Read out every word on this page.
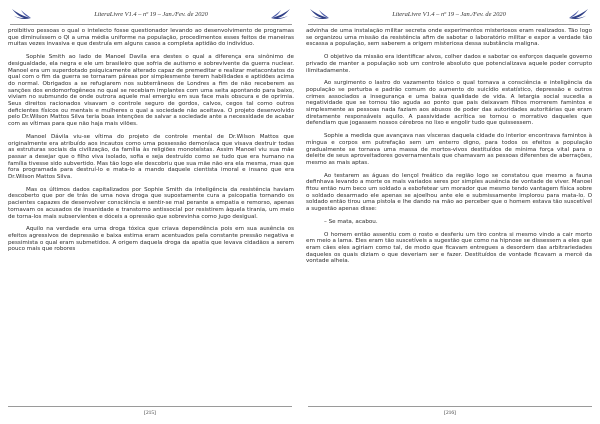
LiteraLivre V1.4 – nº 19 – Jan./Fev. de 2020

proibitivo pessoas o qual o intelecto fosse questionador levando ao desenvolvimento de programas que diminuíssem o QI a uma média uniforme na população, procedimentos esses feitos de maneiras muitas vezes invasiva e que destruía em alguns casos a completa aptidão do indivíduo.

Sophie Smith ao lado de Manoel Davila era destes o qual a diferença era sinônimo de desigualdade, ela negra e ele um brasileiro que sofria de autismo e sobrevivente da guerra nuclear. Manoel era um superdotado psiquicamente alterado capaz de premeditar e realizar metacontatos do qual com o fim da guerra se tornaram páreas por simplesmente terem habilidades e aptidões acima do normal. Obrigados a se refugiarem nos subterrâneos de Londres a fim de não receberem as sanções dos endomorfogêneos no qual se recebiam implantes com uma seita apontando para baixo, viviam no submundo de onde outrora aquele mal emergiu em sua face mais obscura e de oprimia. Seus direitos racionados visavam o controle seguro de gordos, calvos, cegos tal como outros deficientes físicos ou mentais e mulheres o qual a sociedade não aceitava. O projeto desenvolvido pelo Dr.Wilson Mattos Silva teria boas intenções de salvar a sociedade ante a necessidade de acabar com as vítimas para que não haja mais vilões.

Manoel Dávila viu-se vítima do projeto de controle mental de Dr.Wilson Mattos que originalmente era atribuído aos incautos como uma possessão demoníaca que visava destruir todas as estruturas sociais da civilização, da família às religiões monoteístas. Assim Manoel viu sua mãe passar a desejar que o filho viva isolado, sofia e seja destruído como se tudo que era humano na família tivesse sido subvertido. Mas tão logo ele descobriu que sua mãe não era ela mesma, mas que fora programada para destruí-lo e mata-lo a mando daquele cientista imoral e insano que era Dr.Wilson Mattos Silva.

Mas os últimos dados capitalizados por Sophie Smith da inteligência da resistência haviam descoberto que por de trás de uma nova droga que supostamente cura a psicopatia tornando os pacientes capazes de desenvolver consciência e sentir-se mal perante a empatia e remorso, apenas tornavam os acusados de insanidade e transtorno antissocial por resistirem àquela tirania, um meio de torna-los mais subservientes e dóceis a opressão que sobrevinha como jugo desigual.

Aquilo na verdade era uma droga tóxica que criava dependência pois em sua ausência os efeitos agressivos de depressão e baixa estima eram acentuados pela constante pressão negativa e pessimista o qual eram submetidos. A origem daquela droga da apatia que levava cidadãos a serem pouco mais que robores

[215]
LiteraLivre V1.4 – nº 19 – Jan./Fev. de 2020

advinha de uma instalação militar secreta onde experimentos misteriosos eram realizados. Tão logo se organizou uma missão da resistência afim de sabotar o laboratório militar e expor a verdade tão escassa a população, sem saberem a origem misteriosa dessa substância maligna.

O objetivo da missão era identificar alvos, colher dados e sabotar os esforços daquele governo privado de manter a população sob um controle absoluto que potencializava aquele poder corrupto ilimitadamente.

Ao surgimento o lastro do vazamento tóxico o qual tornava a consciência e inteligência da população se perturba e padrão comum do aumento do suicídio estatístico, depressão e outros crimes associados a insegurança e uma baixa qualidade de vida. A letargia social sucedia a negatividade que se tornou tão aguda ao ponto que pais deixavam filhos morrerem famintos e simplesmente as pessoas nada faziam aos abusos de poder das autoridades autoritárias que eram diretamente responsáveis aquilo. A passividade acrítica se tornou o morrativo daqueles que defendiam que jogassem nossos cérebros no lixo e engolir tudo que quissessem.

Sophie a medida que avançava nas vísceras daquela cidade do interior encontrava famintos à míngua e corpos em putrefação sem um enterro digno, para todos os efeitos a população gradualmente se tornava uma massa de mortos-vivos destituídos de mínima força vital para o deleite de seus aproveitadores governamentais que chamavam as pessoas diferentes de aberrações, mesmo as mais aptas.

Ao testarem as águas do lençol freático da região logo se constatou que mesmo a fauna definhava levando a morte os mais variados seres por simples ausência de vontade de viver. Manoel fitou então num beco um soldado a esbofetear um morador que mesmo tendo vantagem física sobre o soldado desarmado ele apenas se ajoelhou ante ele e submissamente implorou para mata-lo. O soldado então tirou uma pistola e lhe dando na mão ao perceber que o homem estava tão suscetível a sugestão apenas disse:

– Se mata, acabou.

O homem então assentiu com o rosto e desferiu um tiro contra si mesmo vindo a cair morto em meio a lama. Eles eram tão suscetíveis a sugestão que como na hipnose se dissessem a eles que eram cães eles agiriam como tal, de modo que ficavam entregues a desordem das arbitrariedades daqueles os quais diziam o que deveriam ser e fazer. Destituídos de vontade ficavam a mercê da vontade alheia.

[216]
